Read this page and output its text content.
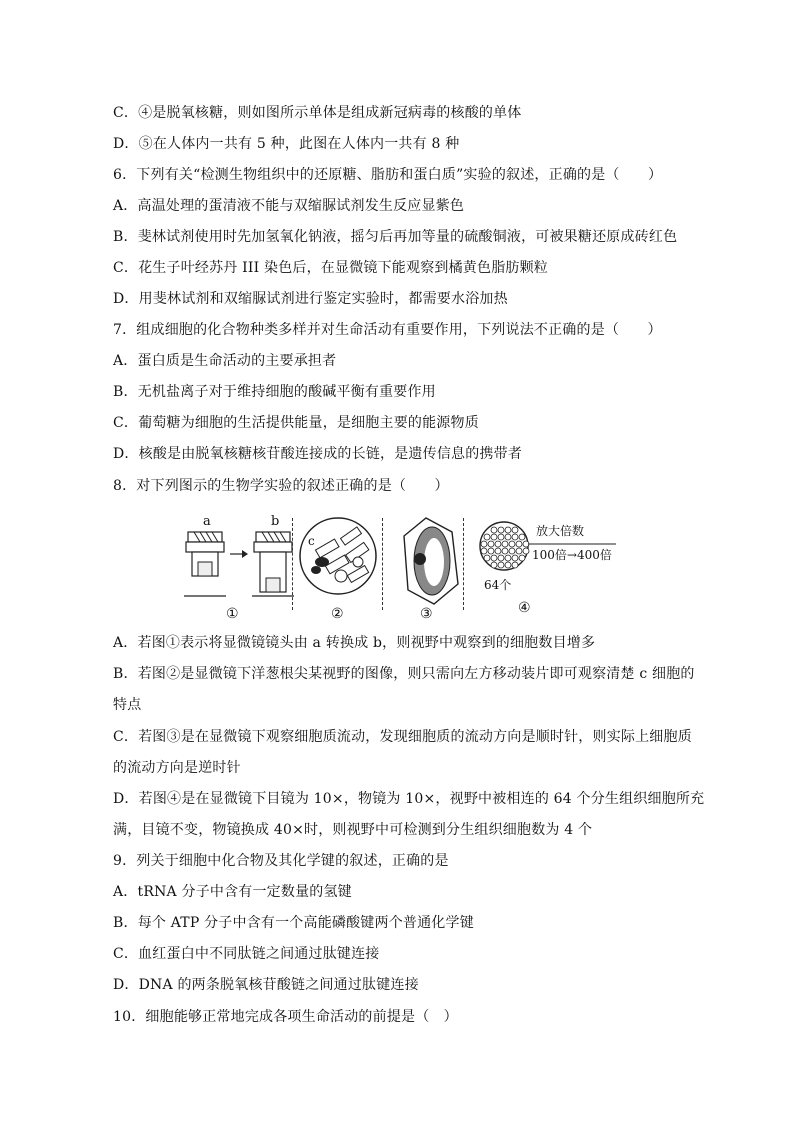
C．④是脱氧核糖，则如图所示单体是组成新冠病毒的核酸的单体
D．⑤在人体内一共有 5 种，此图在人体内一共有 8 种
6．下列有关“检测生物组织中的还原糖、脂肪和蛋白质”实验的叙述，正确的是（　　）
A．高温处理的蛋清液不能与双缩脲试剂发生反应显紫色
B．斐林试剂使用时先加氢氧化钠液，摇匀后再加等量的硫酸铜液，可被果糖还原成砖红色
C．花生子叶经苏丹 III 染色后，在显微镜下能观察到橘黄色脂肪颗粒
D．用斐林试剂和双缩脲试剂进行鉴定实验时，都需要水浴加热
7．组成细胞的化合物种类多样并对生命活动有重要作用，下列说法不正确的是（　　）
A．蛋白质是生命活动的主要承担者
B．无机盐离子对于维持细胞的酸碱平衡有重要作用
C．葡萄糖为细胞的生活提供能量，是细胞主要的能源物质
D．核酸是由脱氧核糖核苷酸连接成的长链，是遗传信息的携带者
8．对下列图示的生物学实验的叙述正确的是（　　）
a	b
c
放大倍数
100倍→400倍
64个
①	②	③	④
A．若图①表示将显微镜镜头由 a 转换成 b，则视野中观察到的细胞数目增多
B．若图②是显微镜下洋葱根尖某视野的图像，则只需向左方移动装片即可观察清楚 c 细胞的
特点
C．若图③是在显微镜下观察细胞质流动，发现细胞质的流动方向是顺时针，则实际上细胞质
的流动方向是逆时针
D．若图④是在显微镜下目镜为 10×，物镜为 10×，视野中被相连的 64 个分生组织细胞所充
满，目镜不变，物镜换成 40×时，则视野中可检测到分生组织细胞数为 4 个
9．列关于细胞中化合物及其化学键的叙述，正确的是
A．tRNA 分子中含有一定数量的氢键
B．每个 ATP 分子中含有一个高能磷酸键两个普通化学键
C．血红蛋白中不同肽链之间通过肽键连接
D．DNA 的两条脱氧核苷酸链之间通过肽键连接
10．细胞能够正常地完成各项生命活动的前提是（　）
